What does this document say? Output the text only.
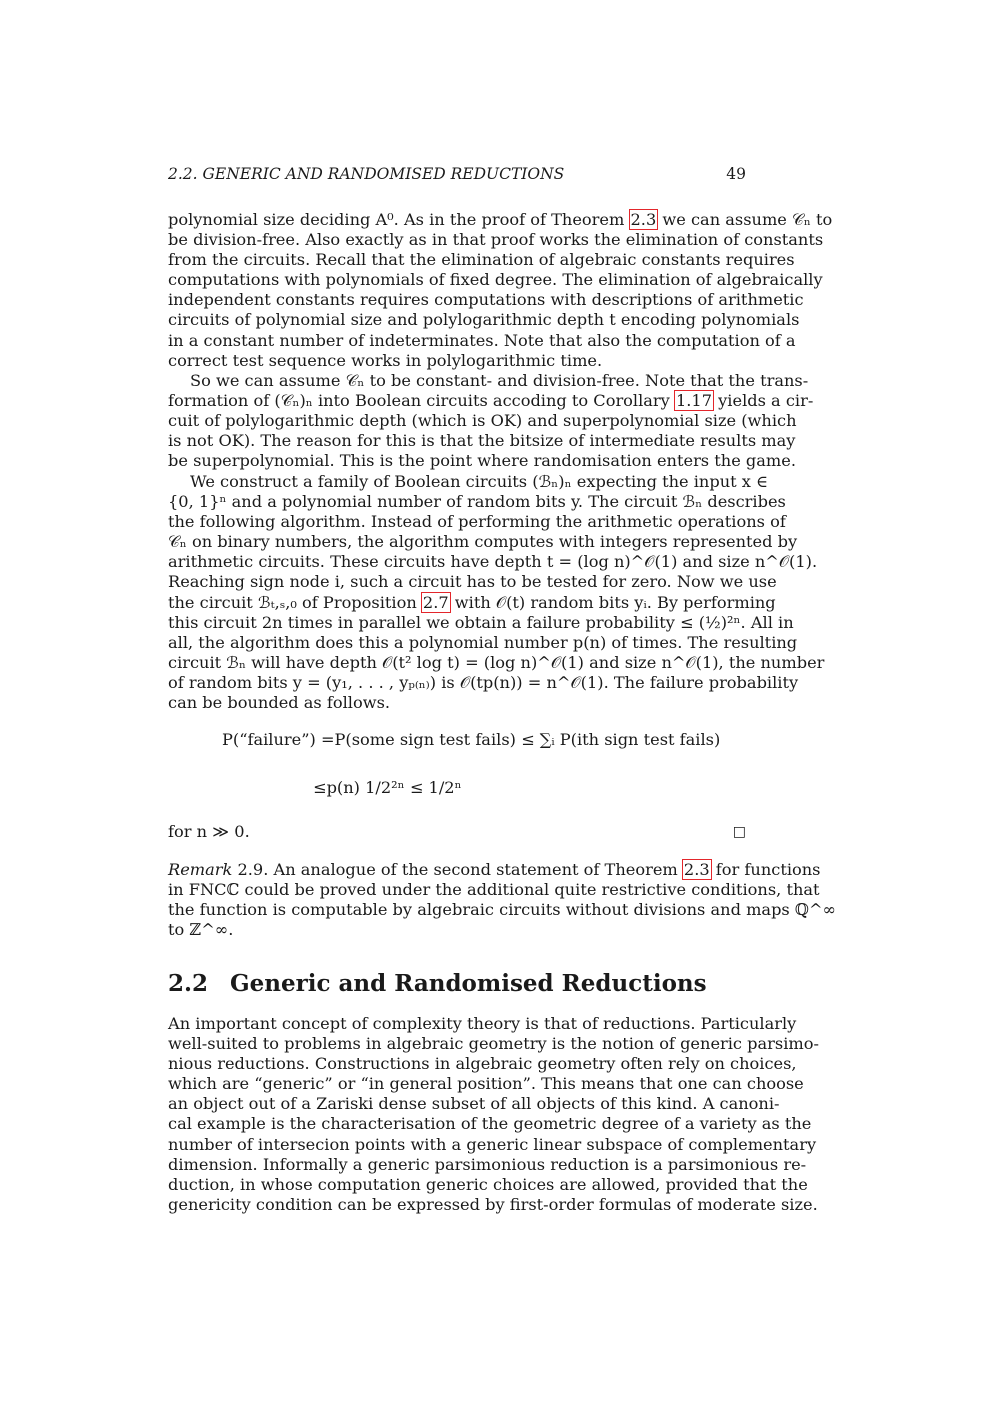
2.2. GENERIC AND RANDOMISED REDUCTIONS	49
polynomial size deciding A⁰. As in the proof of Theorem 2.3 we can assume 𝒞ₙ to
be division-free. Also exactly as in that proof works the elimination of constants
from the circuits. Recall that the elimination of algebraic constants requires
computations with polynomials of fixed degree. The elimination of algebraically
independent constants requires computations with descriptions of arithmetic
circuits of polynomial size and polylogarithmic depth t encoding polynomials
in a constant number of indeterminates. Note that also the computation of a
correct test sequence works in polylogarithmic time.
So we can assume 𝒞ₙ to be constant- and division-free. Note that the trans-
formation of (𝒞ₙ)ₙ into Boolean circuits accoding to Corollary 1.17 yields a cir-
cuit of polylogarithmic depth (which is OK) and superpolynomial size (which
is not OK). The reason for this is that the bitsize of intermediate results may
be superpolynomial. This is the point where randomisation enters the game.
We construct a family of Boolean circuits (ℬₙ)ₙ expecting the input x ∈
{0, 1}ⁿ and a polynomial number of random bits y. The circuit ℬₙ describes
the following algorithm. Instead of performing the arithmetic operations of
𝒞ₙ on binary numbers, the algorithm computes with integers represented by
arithmetic circuits. These circuits have depth t = (log n)^𝒪(1) and size n^𝒪(1).
Reaching sign node i, such a circuit has to be tested for zero. Now we use
the circuit ℬₜ,ₛ,₀ of Proposition 2.7 with 𝒪(t) random bits yᵢ. By performing
this circuit 2n times in parallel we obtain a failure probability ≤ (½)²ⁿ. All in
all, the algorithm does this a polynomial number p(n) of times. The resulting
circuit ℬₙ will have depth 𝒪(t² log t) = (log n)^𝒪(1) and size n^𝒪(1), the number
of random bits y = (y₁, . . . , yₚ₍ₙ₎) is 𝒪(tp(n)) = n^𝒪(1). The failure probability
can be bounded as follows.
P(“failure”) =P(some sign test fails) ≤ ∑ᵢ P(ith sign test fails)
≤p(n) 1/2²ⁿ ≤ 1/2ⁿ
for n ≫ 0.	□
Remark 2.9. An analogue of the second statement of Theorem 2.3 for functions
in FNCℂ could be proved under the additional quite restrictive conditions, that
the function is computable by algebraic circuits without divisions and maps ℚ^∞
to ℤ^∞.
2.2 Generic and Randomised Reductions
An important concept of complexity theory is that of reductions. Particularly
well-suited to problems in algebraic geometry is the notion of generic parsimo-
nious reductions. Constructions in algebraic geometry often rely on choices,
which are “generic” or “in general position”. This means that one can choose
an object out of a Zariski dense subset of all objects of this kind. A canoni-
cal example is the characterisation of the geometric degree of a variety as the
number of intersecion points with a generic linear subspace of complementary
dimension. Informally a generic parsimonious reduction is a parsimonious re-
duction, in whose computation generic choices are allowed, provided that the
genericity condition can be expressed by first-order formulas of moderate size.
